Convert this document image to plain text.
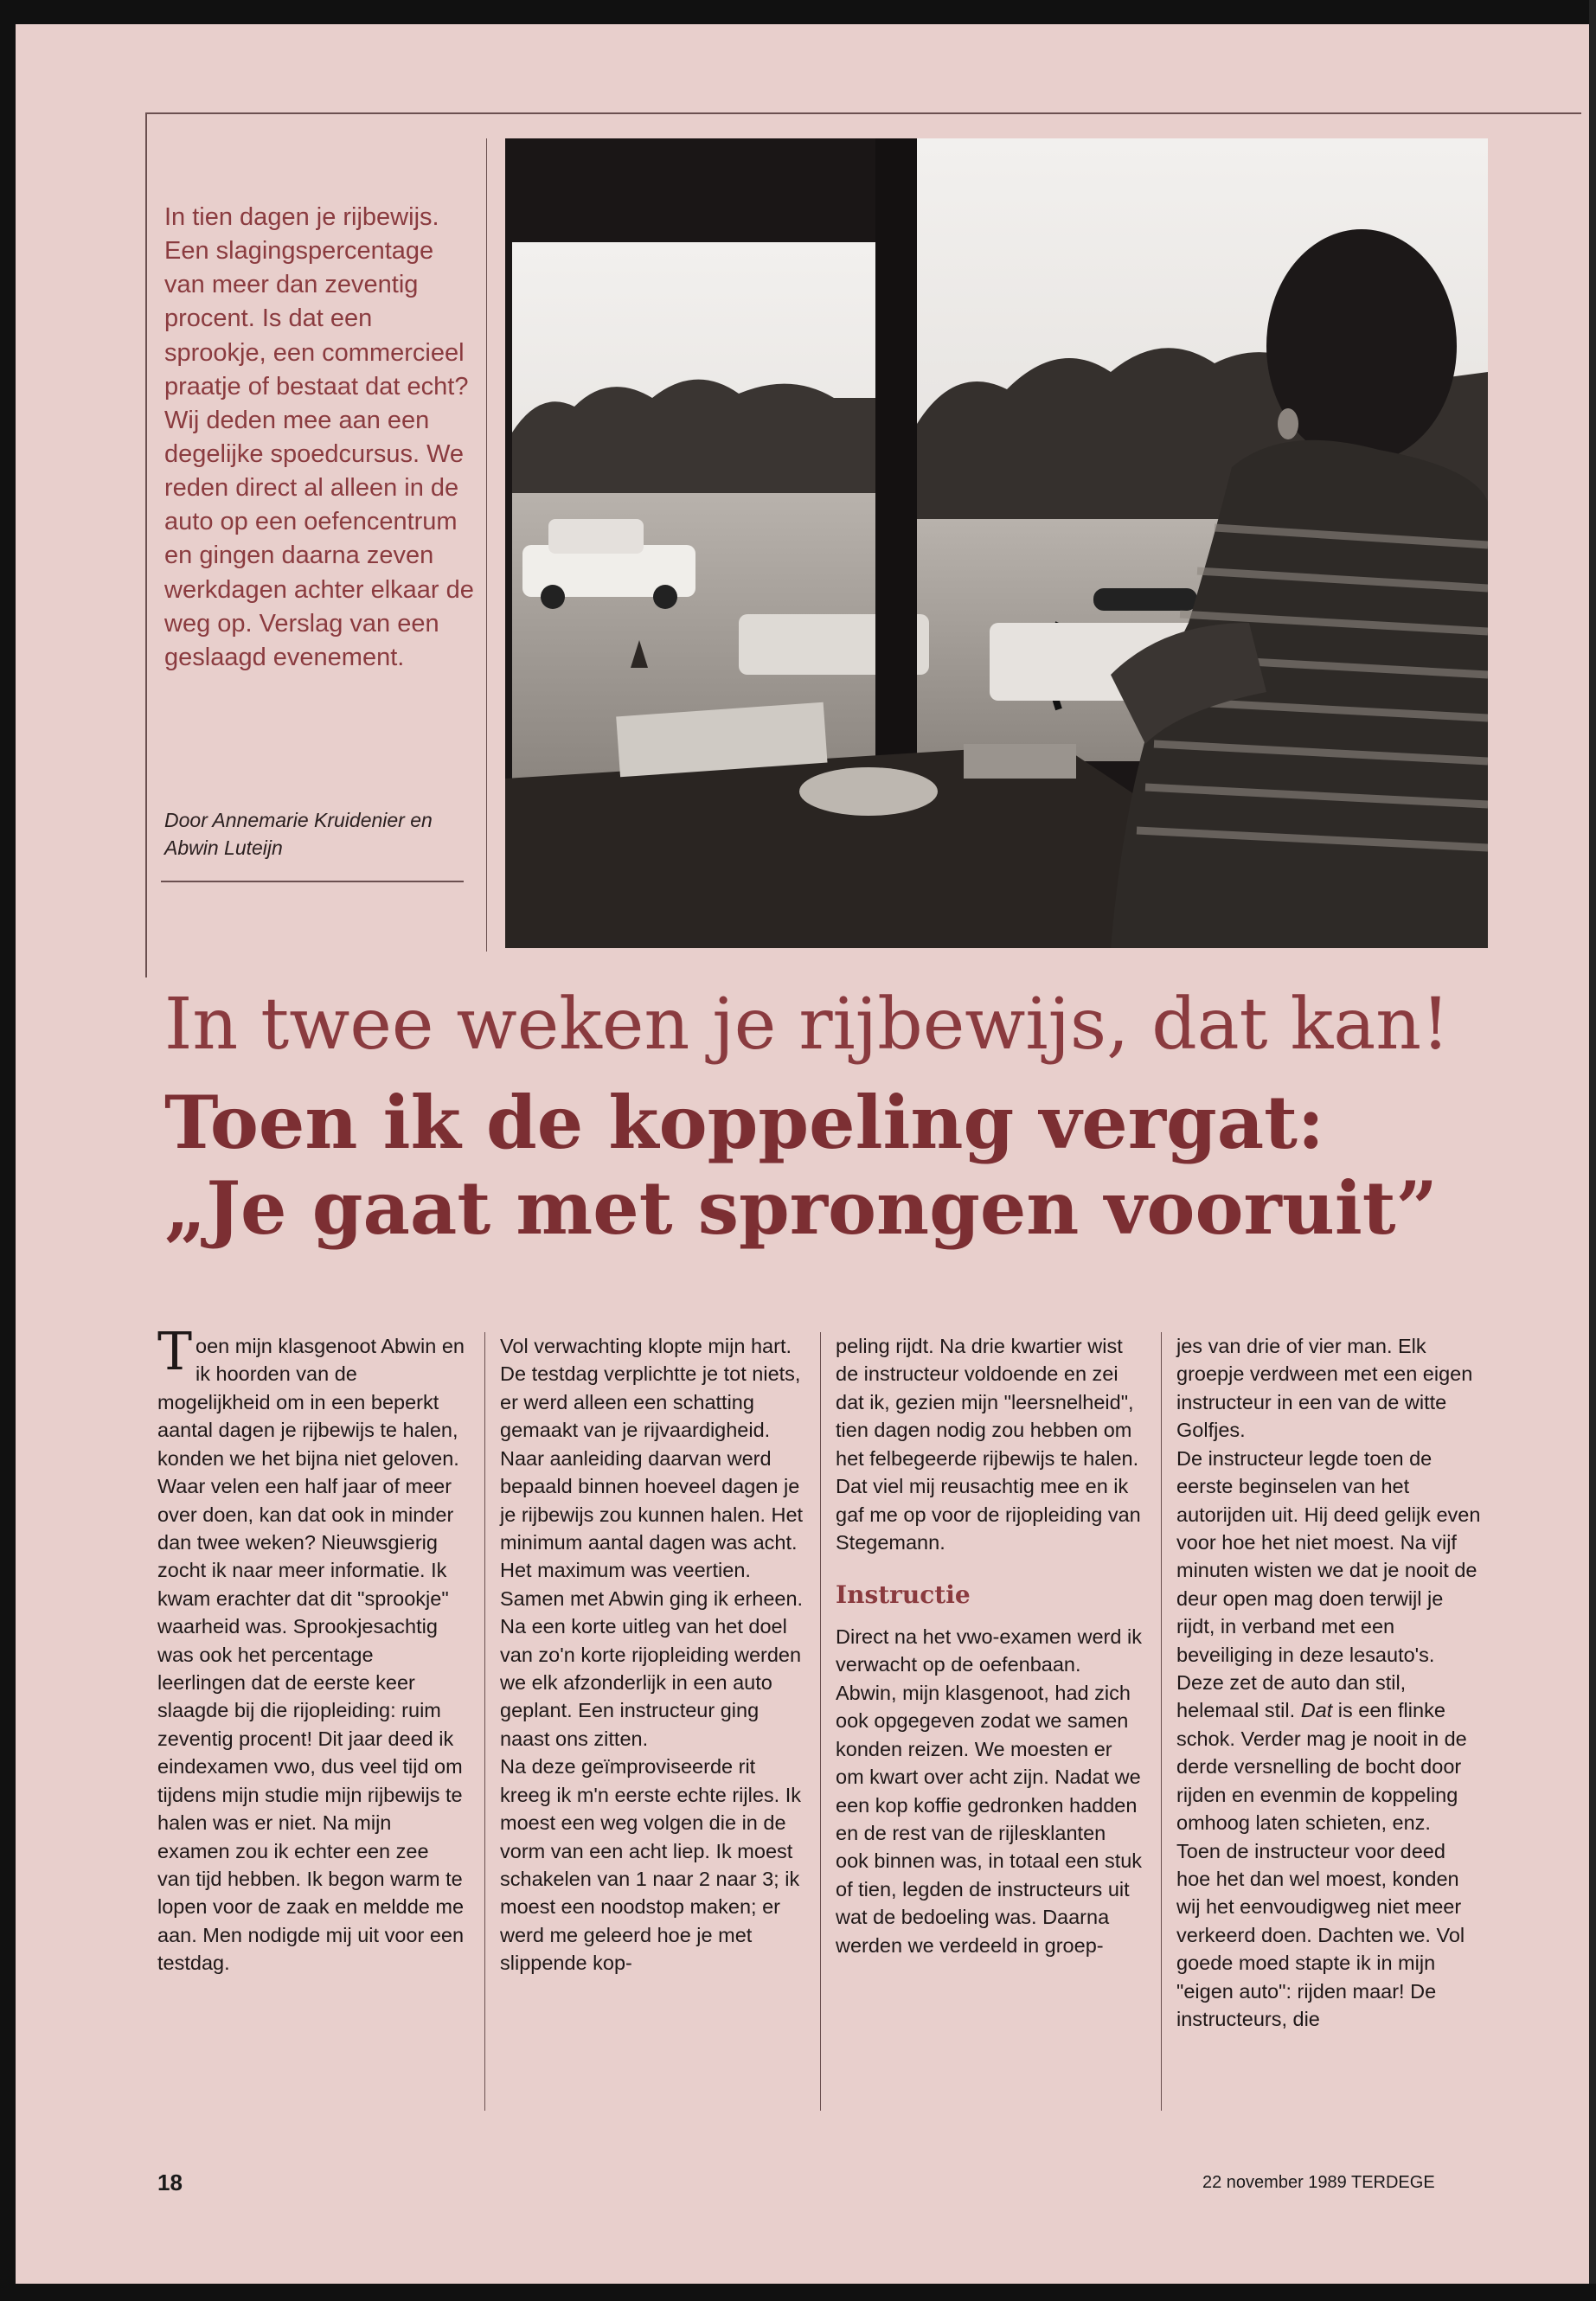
In tien dagen je rijbewijs. Een slagingspercentage van meer dan zeventig procent. Is dat een sprookje, een commercieel praatje of bestaat dat echt? Wij deden mee aan een degelijke spoedcursus. We reden direct al alleen in de auto op een oefencentrum en gingen daarna zeven werkdagen achter elkaar de weg op. Verslag van een geslaagd evenement.

Door Annemarie Kruidenier en Abwin Luteijn

In twee weken je rijbewijs, dat kan!
Toen ik de koppeling vergat:
„Je gaat met sprongen vooruit”

Toen mijn klasgenoot Abwin en ik hoorden van de mogelijkheid om in een beperkt aantal dagen je rijbewijs te halen, konden we het bijna niet geloven. Waar velen een half jaar of meer over doen, kan dat ook in minder dan twee weken? Nieuwsgierig zocht ik naar meer informatie. Ik kwam erachter dat dit "sprookje" waarheid was. Sprookjesachtig was ook het percentage leerlingen dat de eerste keer slaagde bij die rijopleiding: ruim zeventig procent! Dit jaar deed ik eindexamen vwo, dus veel tijd om tijdens mijn studie mijn rijbewijs te halen was er niet. Na mijn examen zou ik echter een zee van tijd hebben. Ik begon warm te lopen voor de zaak en meldde me aan. Men nodigde mij uit voor een testdag.

Vol verwachting klopte mijn hart. De testdag verplichtte je tot niets, er werd alleen een schatting gemaakt van je rijvaardigheid. Naar aanleiding daarvan werd bepaald binnen hoeveel dagen je je rijbewijs zou kunnen halen. Het minimum aantal dagen was acht. Het maximum was veertien. Samen met Abwin ging ik erheen. Na een korte uitleg van het doel van zo'n korte rijopleiding werden we elk afzonderlijk in een auto geplant. Een instructeur ging naast ons zitten.

Na deze geïmproviseerde rit kreeg ik m'n eerste echte rijles. Ik moest een weg volgen die in de vorm van een acht liep. Ik moest schakelen van 1 naar 2 naar 3; ik moest een noodstop maken; er werd me geleerd hoe je met slippende kop-

peling rijdt. Na drie kwartier wist de instructeur voldoende en zei dat ik, gezien mijn "leersnelheid", tien dagen nodig zou hebben om het felbegeerde rijbewijs te halen. Dat viel mij reusachtig mee en ik gaf me op voor de rijopleiding van Stegemann.

Instructie

Direct na het vwo-examen werd ik verwacht op de oefenbaan. Abwin, mijn klasgenoot, had zich ook opgegeven zodat we samen konden reizen. We moesten er om kwart over acht zijn. Nadat we een kop koffie gedronken hadden en de rest van de rijlesklanten ook binnen was, in totaal een stuk of tien, legden de instructeurs uit wat de bedoeling was. Daarna werden we verdeeld in groep-

jes van drie of vier man. Elk groepje verdween met een eigen instructeur in een van de witte Golfjes.

De instructeur legde toen de eerste beginselen van het autorijden uit. Hij deed gelijk even voor hoe het niet moest. Na vijf minuten wisten we dat je nooit de deur open mag doen terwijl je rijdt, in verband met een beveiliging in deze lesauto's. Deze zet de auto dan stil, helemaal stil. Dat is een flinke schok. Verder mag je nooit in de derde versnelling de bocht door rijden en evenmin de koppeling omhoog laten schieten, enz.

Toen de instructeur voor deed hoe het dan wel moest, konden wij het eenvoudigweg niet meer verkeerd doen. Dachten we. Vol goede moed stapte ik in mijn "eigen auto": rijden maar! De instructeurs, die

18	22 november 1989 TERDEGE
